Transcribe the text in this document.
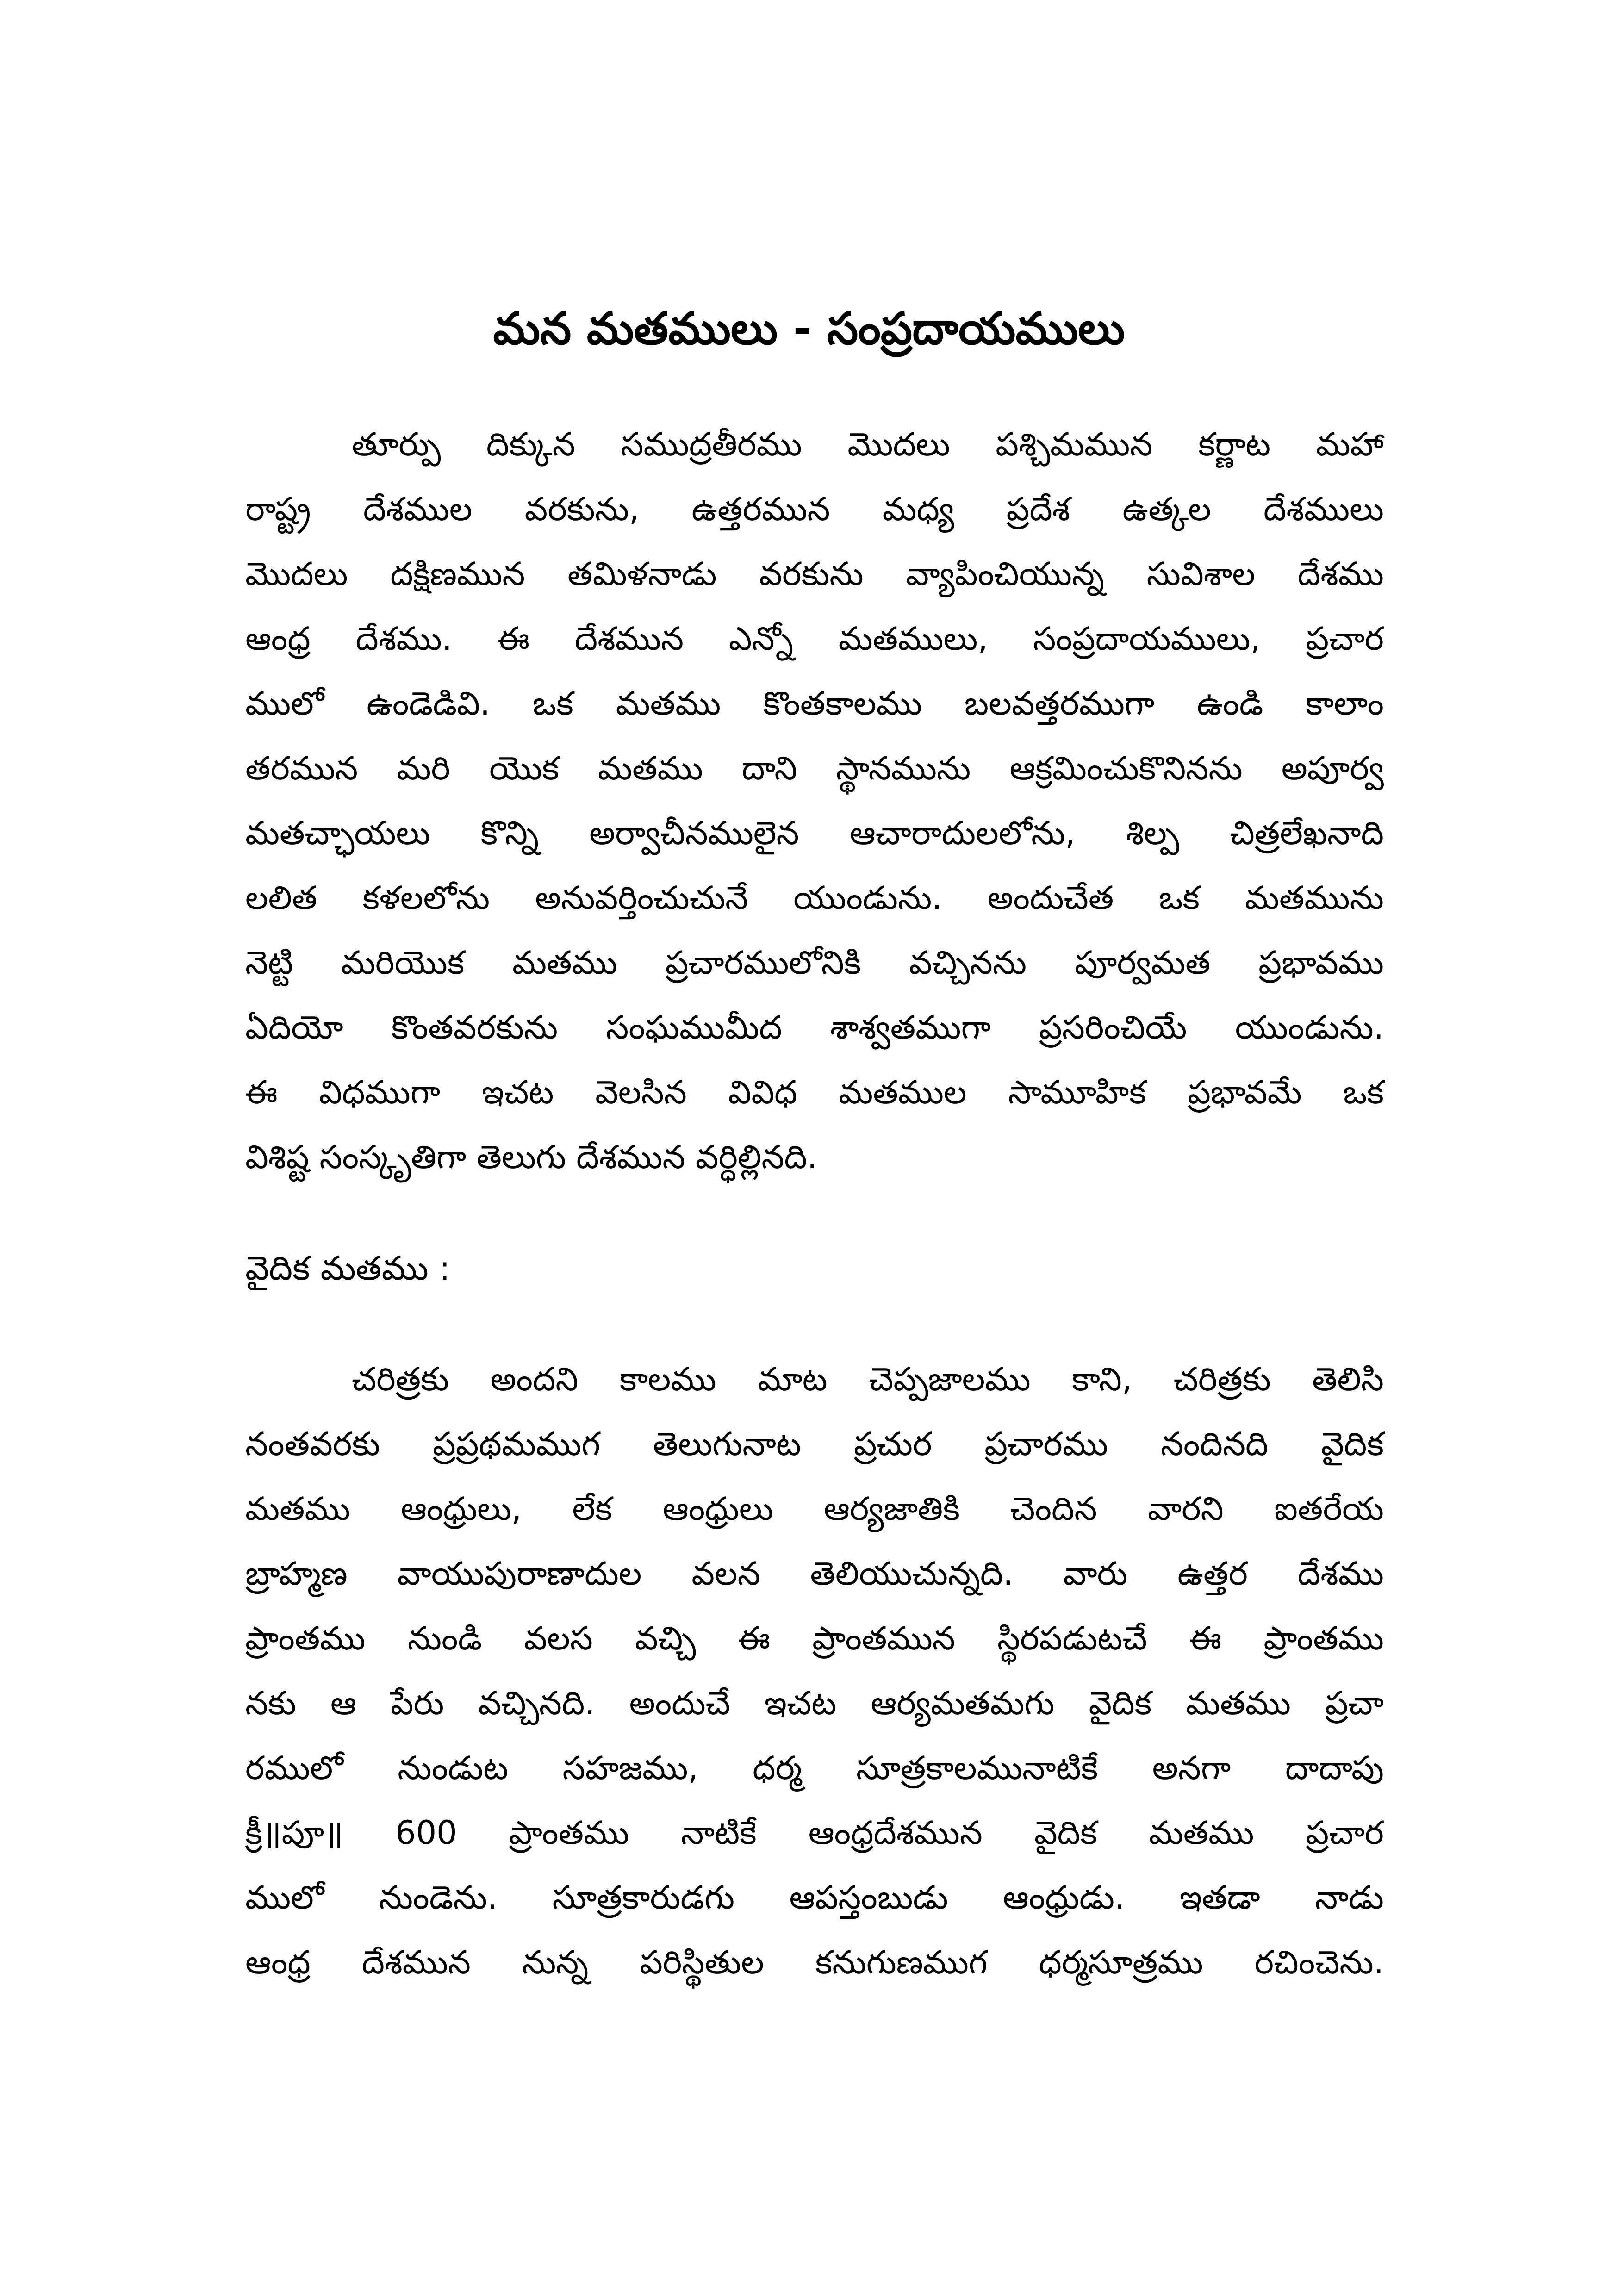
మన మతములు - సంప్రదాయములు
తూర్పు దిక్కున సముద్రతీరము మొదలు పశ్చిమమున కర్ణాట మహా
రాష్ట్ర దేశముల వరకును, ఉత్తరమున మధ్య ప్రదేశ ఉత్కల దేశములు
మొదలు దక్షిణమున తమిళనాడు వరకును వ్యాపించియున్న సువిశాల దేశము
ఆంధ్ర దేశము. ఈ దేశమున ఎన్నో మతములు, సంప్రదాయములు, ప్రచార
ములో ఉండెడివి. ఒక మతము కొంతకాలము బలవత్తరముగా ఉండి కాలాం
తరమున మరి యొక మతము దాని స్థానమును ఆక్రమించుకొనినను అపూర్వ
మతచ్ఛాయలు కొన్ని అర్వాచీనములైన ఆచారాదులలోను, శిల్ప చిత్రలేఖనాది
లలిత కళలలోను అనువర్తించుచునే యుండును. అందుచేత ఒక మతమును
నెట్టి మరియొక మతము ప్రచారములోనికి వచ్చినను పూర్వమత ప్రభావము
ఏదియో కొంతవరకును సంఘముమీద శాశ్వతముగా ప్రసరించియే యుండును.
ఈ విధముగా ఇచట వెలసిన వివిధ మతముల సామూహిక ప్రభావమే ఒక
విశిష్ట సంస్కృతిగా తెలుగు దేశమున వర్ధిల్లినది.
వైదిక మతము :
చరిత్రకు అందని కాలము మాట చెప్పజాలము కాని, చరిత్రకు తెలిసి
నంతవరకు ప్రప్రథమముగ తెలుగునాట ప్రచుర ప్రచారము నందినది వైదిక
మతము ఆంధ్రులు, లేక ఆంధ్రులు ఆర్యజాతికి చెందిన వారని ఐతరేయ
బ్రాహ్మణ వాయుపురాణాదుల వలన తెలియుచున్నది. వారు ఉత్తర దేశము
ప్రాంతము నుండి వలస వచ్చి ఈ ప్రాంతమున స్థిరపడుటచే ఈ ప్రాంతము
నకు ఆ పేరు వచ్చినది. అందుచే ఇచట ఆర్యమతమగు వైదిక మతము ప్రచా
రములో నుండుట సహజము, ధర్మ సూత్రకాలమునాటికే అనగా దాదాపు
క్రీ॥పూ॥ 600 ప్రాంతము నాటికే ఆంధ్రదేశమున వైదిక మతము ప్రచార
ములో నుండెను. సూత్రకారుడగు ఆపస్తంబుడు ఆంధ్రుడు. ఇతడా నాడు
ఆంధ్ర దేశమున నున్న పరిస్థితుల కనుగుణముగ ధర్మసూత్రము రచించెను.
